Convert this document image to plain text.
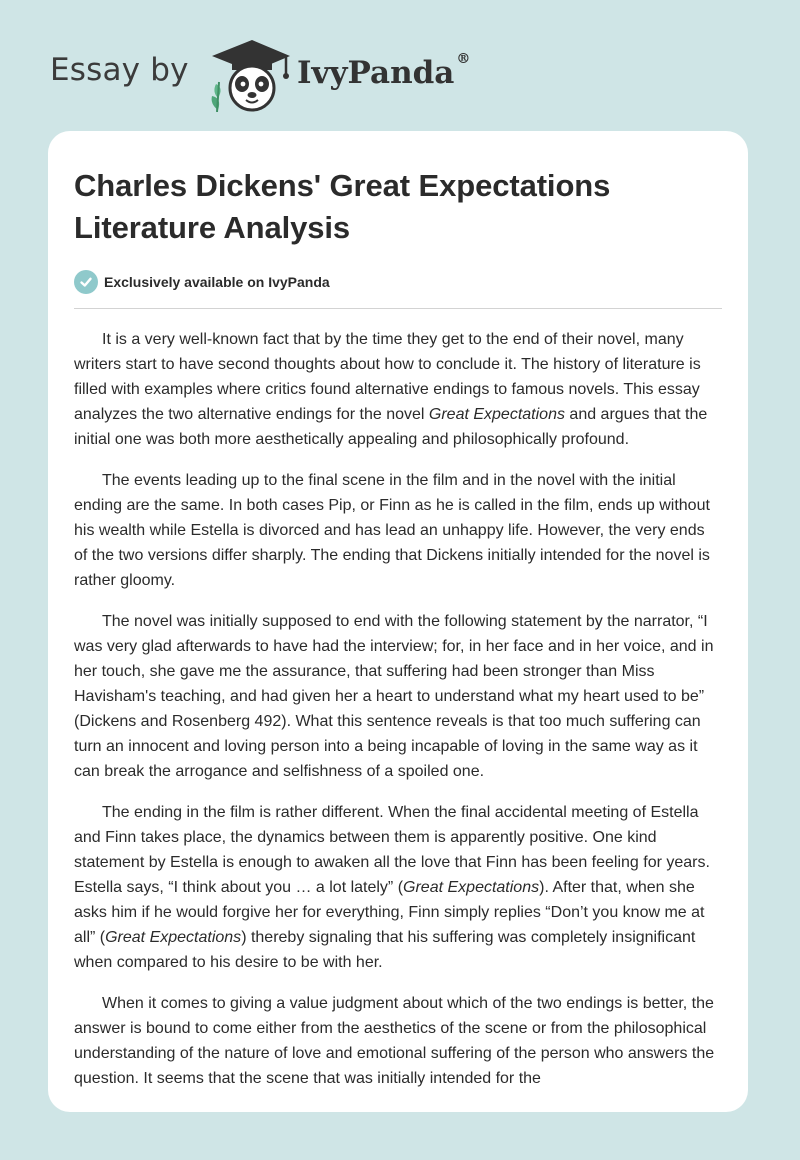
Essay by	IvyPanda ®
Charles Dickens' Great Expectations Literature Analysis
Exclusively available on IvyPanda

It is a very well-known fact that by the time they get to the end of their novel, many writers start to have second thoughts about how to conclude it. The history of literature is filled with examples where critics found alternative endings to famous novels. This essay analyzes the two alternative endings for the novel Great Expectations and argues that the initial one was both more aesthetically appealing and philosophically profound.

The events leading up to the final scene in the film and in the novel with the initial ending are the same. In both cases Pip, or Finn as he is called in the film, ends up without his wealth while Estella is divorced and has lead an unhappy life. However, the very ends of the two versions differ sharply. The ending that Dickens initially intended for the novel is rather gloomy.

The novel was initially supposed to end with the following statement by the narrator, “I was very glad afterwards to have had the interview; for, in her face and in her voice, and in her touch, she gave me the assurance, that suffering had been stronger than Miss Havisham's teaching, and had given her a heart to understand what my heart used to be” (Dickens and Rosenberg 492). What this sentence reveals is that too much suffering can turn an innocent and loving person into a being incapable of loving in the same way as it can break the arrogance and selfishness of a spoiled one.

The ending in the film is rather different. When the final accidental meeting of Estella and Finn takes place, the dynamics between them is apparently positive. One kind statement by Estella is enough to awaken all the love that Finn has been feeling for years. Estella says, “I think about you … a lot lately” (Great Expectations). After that, when she asks him if he would forgive her for everything, Finn simply replies “Don’t you know me at all” (Great Expectations) thereby signaling that his suffering was completely insignificant when compared to his desire to be with her.

When it comes to giving a value judgment about which of the two endings is better, the answer is bound to come either from the aesthetics of the scene or from the philosophical understanding of the nature of love and emotional suffering of the person who answers the question. It seems that the scene that was initially intended for the
